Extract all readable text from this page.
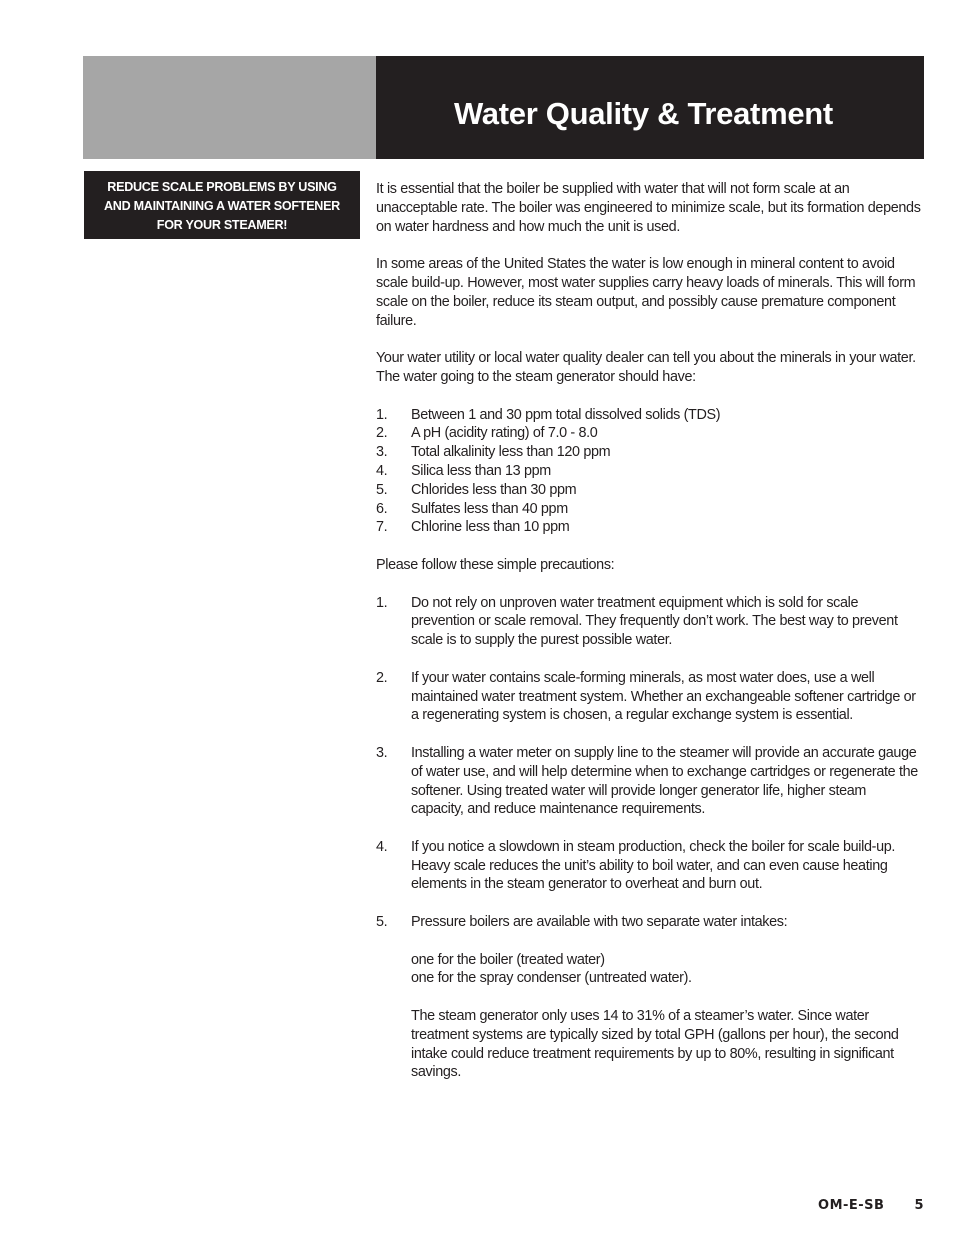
Water Quality & Treatment
REDUCE SCALE PROBLEMS BY USING
AND MAINTAINING A WATER SOFTENER
FOR YOUR STEAMER!

It is essential that the boiler be supplied with water that will not form scale at an unacceptable rate. The boiler was engineered to minimize scale, but its formation depends on water hardness and how much the unit is used.

In some areas of the United States the water is low enough in mineral content to avoid scale build-up. However, most water supplies carry heavy loads of minerals. This will form scale on the boiler, reduce its steam output, and possibly cause premature component failure.

Your water utility or local water quality dealer can tell you about the minerals in your water. The water going to the steam generator should have:

1.	Between 1 and 30 ppm total dissolved solids (TDS)
2.	A pH (acidity rating) of 7.0 - 8.0
3.	Total alkalinity less than 120 ppm
4.	Silica less than 13 ppm
5.	Chlorides less than 30 ppm
6.	Sulfates less than 40 ppm
7.	Chlorine less than 10 ppm

Please follow these simple precautions:

1.	Do not rely on unproven water treatment equipment which is sold for scale prevention or scale removal. They frequently don’t work. The best way to prevent scale is to supply the purest possible water.
2.	If your water contains scale-forming minerals, as most water does, use a well maintained water treatment system. Whether an exchangeable softener cartridge or a regenerating system is chosen, a regular exchange system is essential.
3.	Installing a water meter on supply line to the steamer will provide an accurate gauge of water use, and will help determine when to exchange cartridges or regenerate the softener. Using treated water will provide longer generator life, higher steam capacity, and reduce maintenance requirements.
4.	If you notice a slowdown in steam production, check the boiler for scale build-up. Heavy scale reduces the unit’s ability to boil water, and can even cause heating elements in the steam generator to overheat and burn out.
5.	Pressure boilers are available with two separate water intakes:

one for the boiler (treated water)

one for the spray condenser (untreated water).

The steam generator only uses 14 to 31% of a steamer’s water. Since water treatment systems are typically sized by total GPH (gallons per hour), the second intake could reduce treatment requirements by up to 80%, resulting in significant savings.

OM-E-SB 5
